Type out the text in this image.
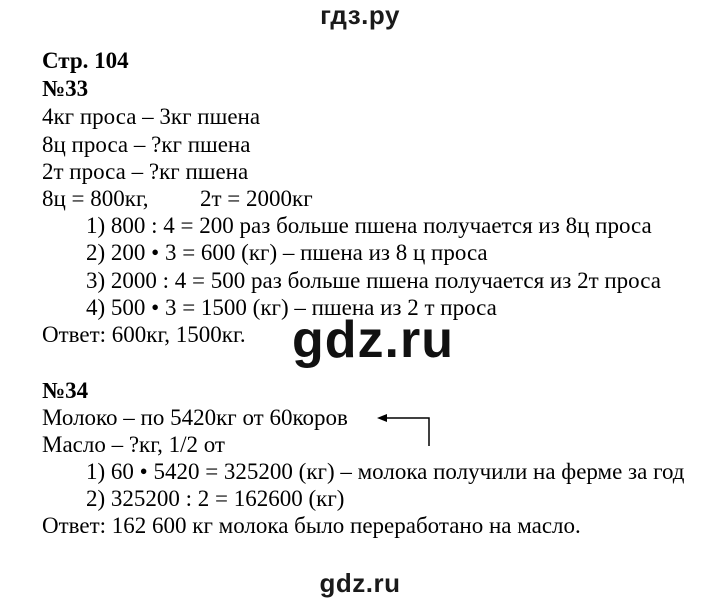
гдз.ру
Стр. 104
№33
4кг проса – 3кг пшена
8ц проса – ?кг пшена
2т проса – ?кг пшена
8ц = 800кг, 2т = 2000кг
1) 800 : 4 = 200 раз больше пшена получается из 8ц проса
2) 200 • 3 = 600 (кг) – пшена из 8 ц проса
3) 2000 : 4 = 500 раз больше пшена получается из 2т проса
4) 500 • 3 = 1500 (кг) – пшена из 2 т проса
Ответ: 600кг, 1500кг. gdz.ru
№34
Молоко – по 5420кг от 60коров
Масло – ?кг, 1/2 от
1) 60 • 5420 = 325200 (кг) – молока получили на ферме за год
2) 325200 : 2 = 162600 (кг)
Ответ: 162 600 кг молока было переработано на масло.
gdz.ru
